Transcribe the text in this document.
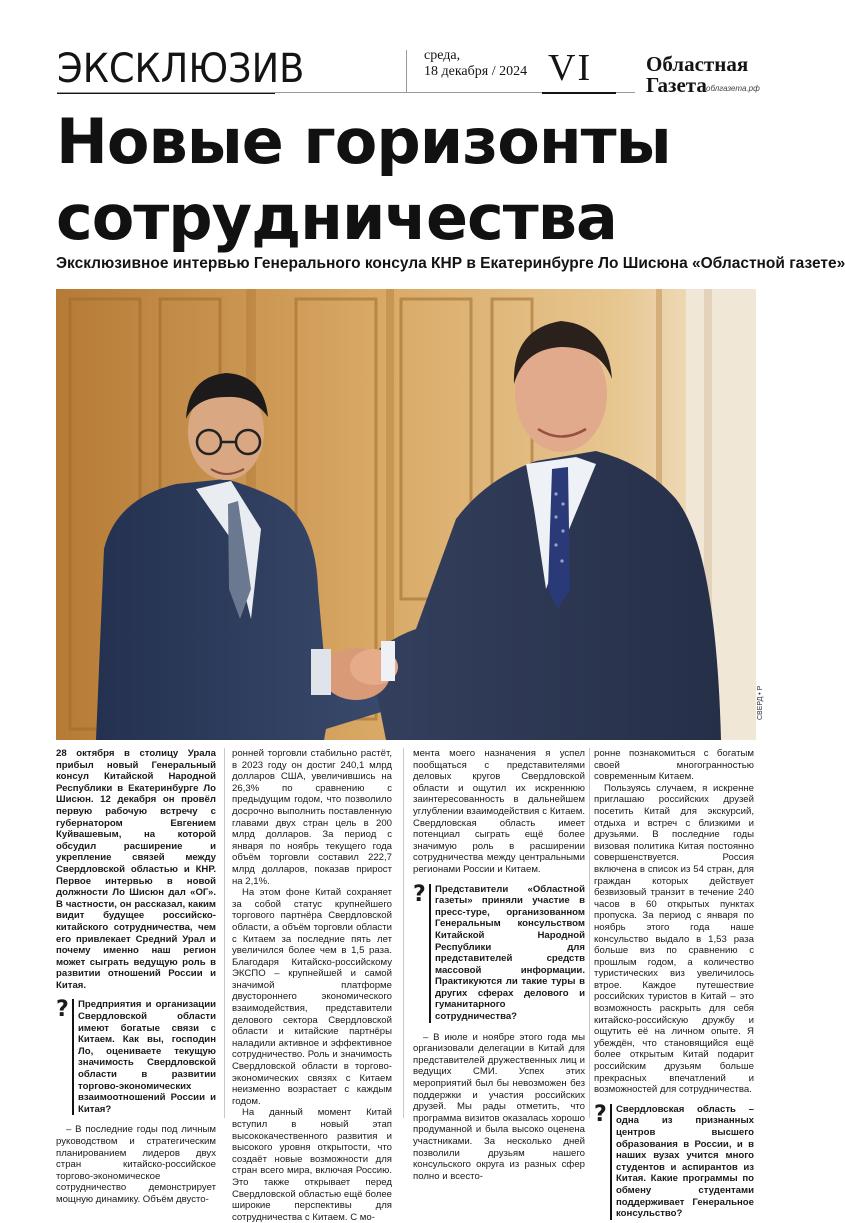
ЭКСКЛЮЗИВ	среда,
18 декабря / 2024 VI	Областная
Газета облгазета.рф
Новые горизонты
сотрудничества
Эксклюзивное интервью Генерального консула КНР в Екатеринбурге Ло Шисюна «Областной газете»
СВЕРД • Р

28 октября в столицу Урала прибыл новый Генеральный консул Китайской Народной Республики в Екатеринбурге Ло Шисюн. 12 декабря он провёл первую рабочую встречу с губернатором Евгением Куйвашевым, на которой обсудил расширение и укрепление связей между Свердловской областью и КНР. Первое интервью в новой должности Ло Шисюн дал «ОГ». В частности, он рассказал, каким видит будущее российско-китайского сотрудничества, чем его привлекает Средний Урал и почему именно наш регион может сыграть ведущую роль в развитии отношений России и Китая.

? Предприятия и организации Свердловской области имеют богатые связи с Китаем. Как вы, господин Ло, оцениваете текущую значимость Свердловской области в развитии торгово-экономических взаимоотношений России и Китая?

– В последние годы под личным руководством и стратегическим планированием лидеров двух стран китайско-российское торгово-экономическое сотрудничество демонстрирует мощную динамику. Объём двусто-

ронней торговли стабильно растёт, в 2023 году он достиг 240,1 млрд долларов США, увеличившись на 26,3% по сравнению с предыдущим годом, что позволило досрочно выполнить поставленную главами двух стран цель в 200 млрд долларов. За период с января по ноябрь текущего года объём торговли составил 222,7 млрд долларов, показав прирост на 2,1%.

На этом фоне Китай сохраняет за собой статус крупнейшего торгового партнёра Свердловской области, а объём торговли области с Китаем за последние пять лет увеличился более чем в 1,5 раза. Благодаря Китайско-российскому ЭКСПО – крупнейшей и самой значимой платформе двустороннего экономического взаимодействия, представители делового сектора Свердловской области и китайские партнёры наладили активное и эффективное сотрудничество. Роль и значимость Свердловской области в торгово-экономических связях с Китаем неизменно возрастает с каждым годом.

На данный момент Китай вступил в новый этап высококачественного развития и высокого уровня открытости, что создаёт новые возможности для стран всего мира, включая Россию. Это также открывает перед Свердловской областью ещё более широкие перспективы для сотрудничества с Китаем. С мо-

мента моего назначения я успел пообщаться с представителями деловых кругов Свердловской области и ощутил их искреннюю заинтересованность в дальнейшем углублении взаимодействия с Китаем. Свердловская область имеет потенциал сыграть ещё более значимую роль в расширении сотрудничества между центральными регионами России и Китаем.

? Представители «Областной газеты» приняли участие в пресс-туре, организованном Генеральным консульством Китайской Народной Республики для представителей средств массовой информации. Практикуются ли такие туры в других сферах делового и гуманитарного сотрудничества?

– В июле и ноябре этого года мы организовали делегации в Китай для представителей дружественных лиц и ведущих СМИ. Успех этих мероприятий был бы невозможен без поддержки и участия российских друзей. Мы рады отметить, что программа визитов оказалась хорошо продуманной и была высоко оценена участниками. За несколько дней позволили друзьям нашего консульского округа из разных сфер полно и всесто-

ронне познакомиться с богатым своей многогранностью современным Китаем.

Пользуясь случаем, я искренне приглашаю российских друзей посетить Китай для экскурсий, отдыха и встреч с близкими и друзьями. В последние годы визовая политика Китая постоянно совершенствуется. Россия включена в список из 54 стран, для граждан которых действует безвизовый транзит в течение 240 часов в 60 открытых пунктах пропуска. За период с января по ноябрь этого года наше консульство выдало в 1,53 раза больше виз по сравнению с прошлым годом, а количество туристических виз увеличилось втрое. Каждое путешествие российских туристов в Китай – это возможность раскрыть для себя китайско-российскую дружбу и ощутить её на личном опыте. Я убеждён, что становящийся ещё более открытым Китай подарит российским друзьям больше прекрасных впечатлений и возможностей для сотрудничества.

? Свердловская область – одна из признанных центров высшего образования в России, и в наших вузах учится много студентов и аспирантов из Китая. Какие программы по обмену студентами поддерживает Генеральное консульство?
